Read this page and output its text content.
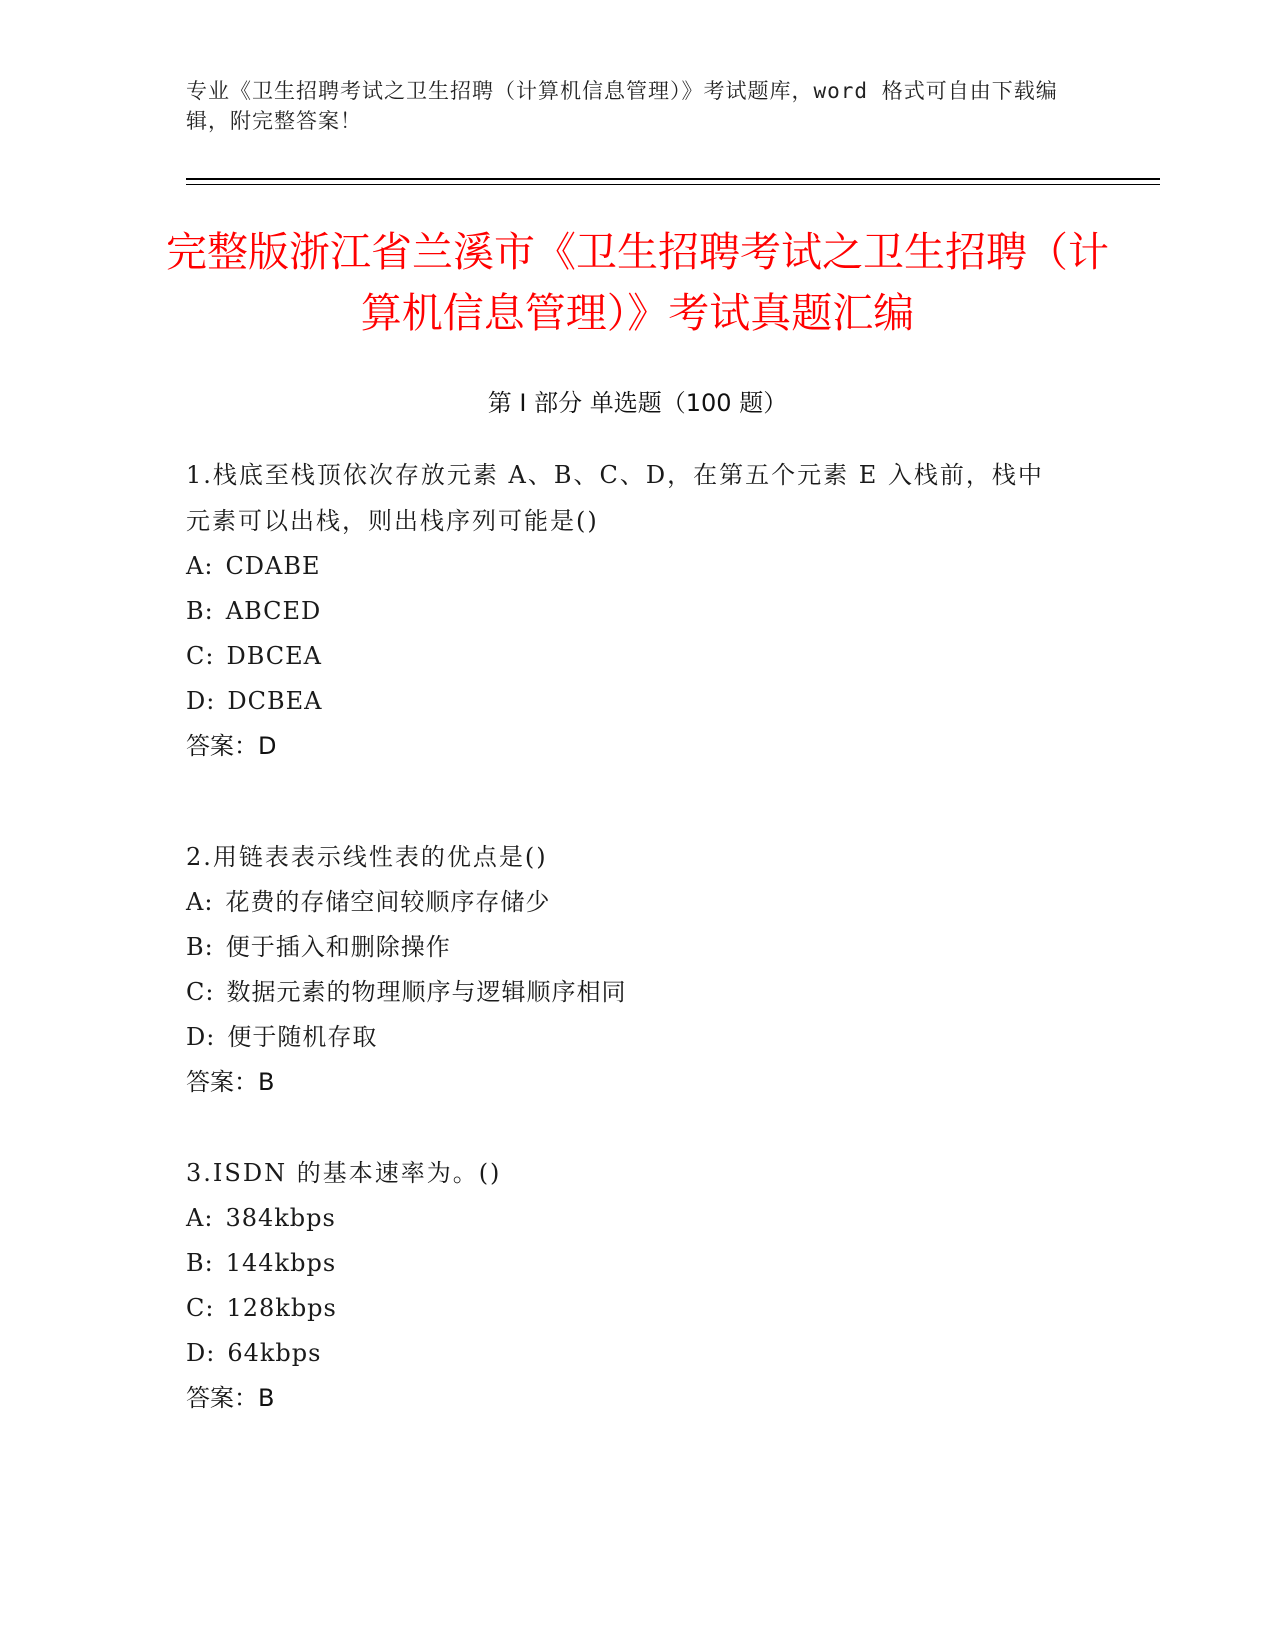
专业《卫生招聘考试之卫生招聘（计算机信息管理）》考试题库，word 格式可自由下载编辑，附完整答案！
完整版浙江省兰溪市《卫生招聘考试之卫生招聘（计算机信息管理）》考试真题汇编
第 I 部分 单选题（100 题）

1.栈底至栈顶依次存放元素 A、B、C、D，在第五个元素 E 入栈前，栈中元素可以出栈，则出栈序列可能是()

A: CDABE

B: ABCED

C: DBCEA

D: DCBEA

答案：D

2.用链表表示线性表的优点是()

A: 花费的存储空间较顺序存储少

B: 便于插入和删除操作

C: 数据元素的物理顺序与逻辑顺序相同

D: 便于随机存取

答案：B

3.ISDN 的基本速率为。()

A: 384kbps

B: 144kbps

C: 128kbps

D: 64kbps

答案：B
